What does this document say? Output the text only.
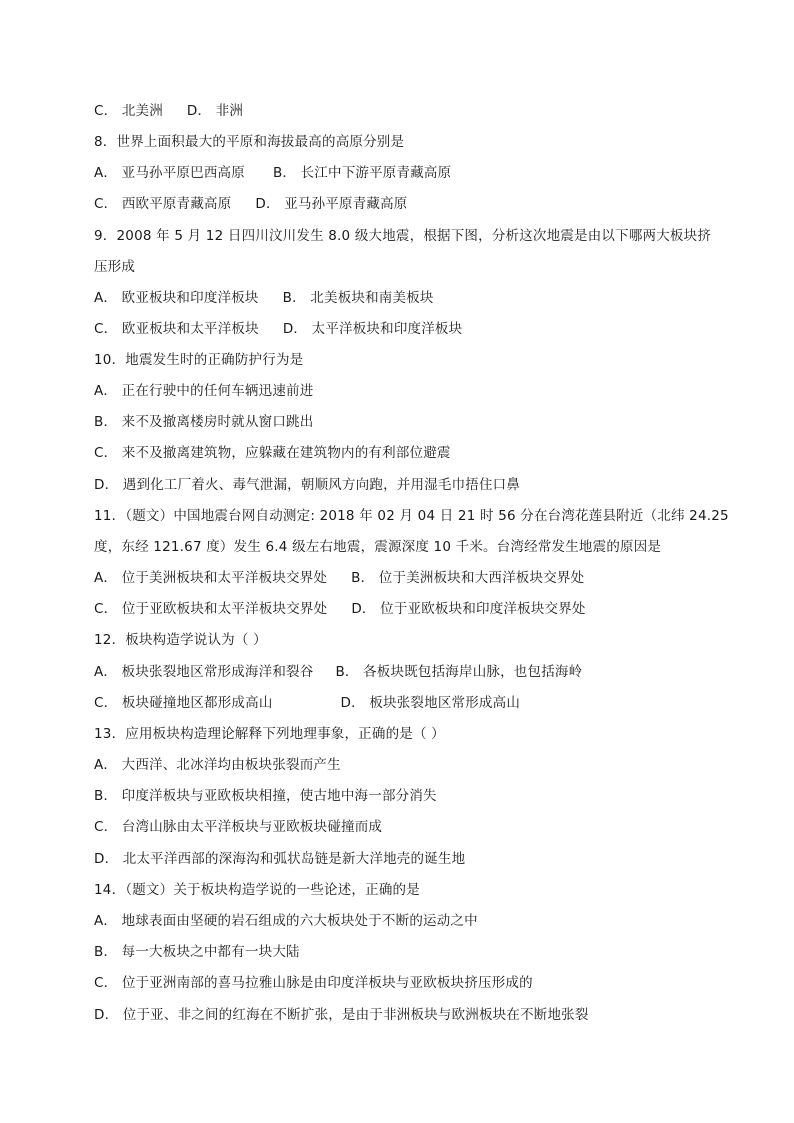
C． 北美洲 D． 非洲
8．世界上面积最大的平原和海拔最高的高原分别是
A． 亚马孙平原巴西高原 B． 长江中下游平原青藏高原
C． 西欧平原青藏高原 D． 亚马孙平原青藏高原
9．2008 年 5 月 12 日四川汶川发生 8.0 级大地震，根据下图，分析这次地震是由以下哪两大板块挤
压形成
A． 欧亚板块和印度洋板块 B． 北美板块和南美板块
C． 欧亚板块和太平洋板块 D． 太平洋板块和印度洋板块
10．地震发生时的正确防护行为是
A． 正在行驶中的任何车辆迅速前进
B． 来不及撤离楼房时就从窗口跳出
C． 来不及撤离建筑物，应躲藏在建筑物内的有利部位避震
D． 遇到化工厂着火、毒气泄漏，朝顺风方向跑，并用湿毛巾捂住口鼻
11．（题文）中国地震台网自动测定: 2018 年 02 月 04 日 21 时 56 分在台湾花莲县附近（北纬 24.25
度，东经 121.67 度）发生 6.4 级左右地震，震源深度 10 千米。台湾经常发生地震的原因是
A． 位于美洲板块和太平洋板块交界处 B． 位于美洲板块和大西洋板块交界处
C． 位于亚欧板块和太平洋板块交界处 D． 位于亚欧板块和印度洋板块交界处
12．板块构造学说认为（ ）
A． 板块张裂地区常形成海洋和裂谷 B． 各板块既包括海岸山脉，也包括海岭
C． 板块碰撞地区都形成高山	D． 板块张裂地区常形成高山
13．应用板块构造理论解释下列地理事象，正确的是（ ）
A． 大西洋、北冰洋均由板块张裂而产生
B． 印度洋板块与亚欧板块相撞，使古地中海一部分消失
C． 台湾山脉由太平洋板块与亚欧板块碰撞而成
D． 北太平洋西部的深海沟和弧状岛链是新大洋地壳的诞生地
14．（题文）关于板块构造学说的一些论述，正确的是
A． 地球表面由坚硬的岩石组成的六大板块处于不断的运动之中
B． 每一大板块之中都有一块大陆
C． 位于亚洲南部的喜马拉雅山脉是由印度洋板块与亚欧板块挤压形成的
D． 位于亚、非之间的红海在不断扩张，是由于非洲板块与欧洲板块在不断地张裂
